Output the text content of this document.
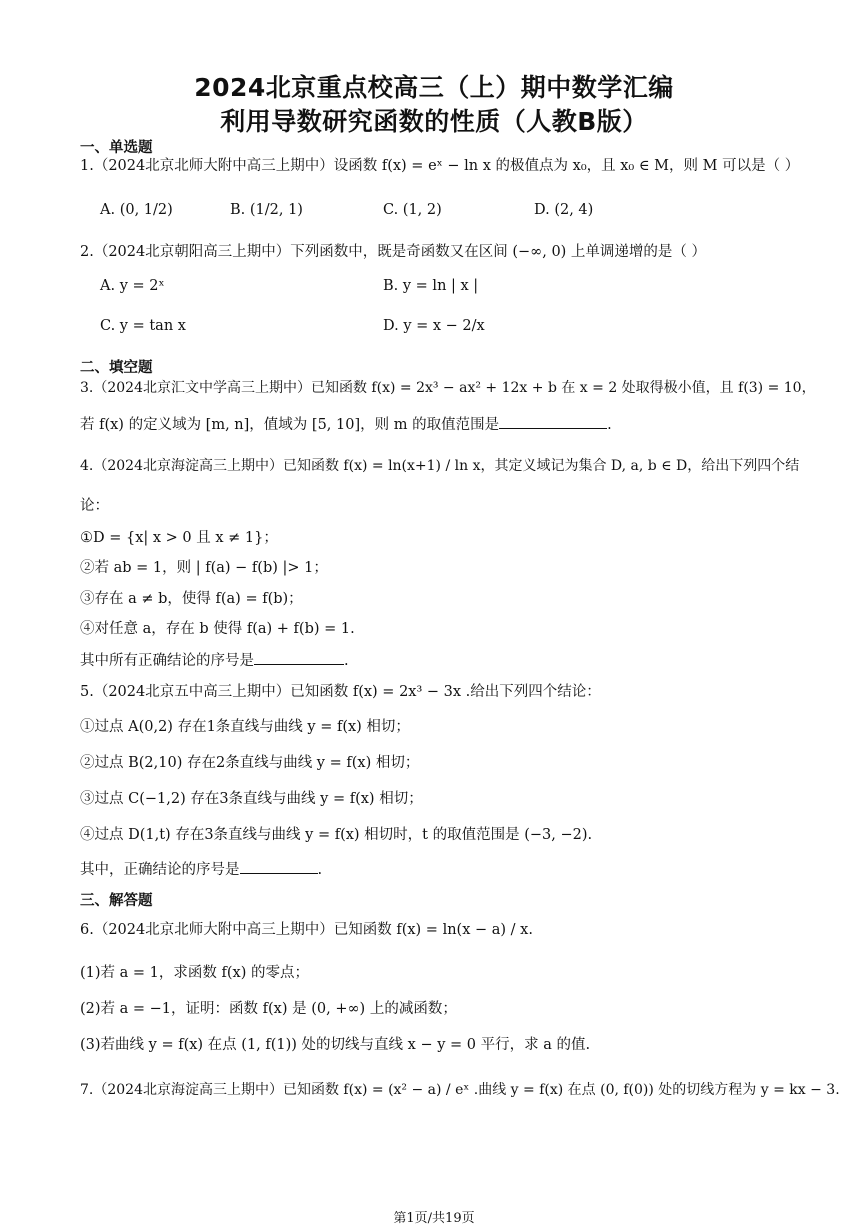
2024北京重点校高三（上）期中数学汇编
利用导数研究函数的性质（人教B版）
一、单选题
1.（2024北京北师大附中高三上期中）设函数 f(x) = eˣ − ln x 的极值点为 x₀，且 x₀ ∈ M，则 M 可以是（ ）
A. (0, 1/2)	B. (1/2, 1)	C. (1, 2)	D. (2, 4)
2.（2024北京朝阳高三上期中）下列函数中，既是奇函数又在区间 (−∞, 0) 上单调递增的是（ ）
A. y = 2ˣ	B. y = ln | x |
C. y = tan x	D. y = x − 2/x
二、填空题
3.（2024北京汇文中学高三上期中）已知函数 f(x) = 2x³ − ax² + 12x + b 在 x = 2 处取得极小值，且 f(3) = 10，
若 f(x) 的定义域为 [m, n]，值域为 [5, 10]，则 m 的取值范围是	.
4.（2024北京海淀高三上期中）已知函数 f(x) = ln(x+1) / ln x，其定义域记为集合 D, a, b ∈ D，给出下列四个结
论：
①D = {x| x > 0 且 x ≠ 1}；
②若 ab = 1，则 | f(a) − f(b) |> 1；
③存在 a ≠ b，使得 f(a) = f(b)；
④对任意 a，存在 b 使得 f(a) + f(b) = 1.
其中所有正确结论的序号是	.
5.（2024北京五中高三上期中）已知函数 f(x) = 2x³ − 3x .给出下列四个结论：
①过点 A(0,2) 存在1条直线与曲线 y = f(x) 相切；
②过点 B(2,10) 存在2条直线与曲线 y = f(x) 相切；
③过点 C(−1,2) 存在3条直线与曲线 y = f(x) 相切；
④过点 D(1,t) 存在3条直线与曲线 y = f(x) 相切时，t 的取值范围是 (−3, −2).
其中，正确结论的序号是	.
三、解答题
6.（2024北京北师大附中高三上期中）已知函数 f(x) = ln(x − a) / x.
(1)若 a = 1，求函数 f(x) 的零点；
(2)若 a = −1，证明：函数 f(x) 是 (0, +∞) 上的减函数；
(3)若曲线 y = f(x) 在点 (1, f(1)) 处的切线与直线 x − y = 0 平行，求 a 的值.
7.（2024北京海淀高三上期中）已知函数 f(x) = (x² − a) / eˣ .曲线 y = f(x) 在点 (0, f(0)) 处的切线方程为 y = kx − 3.
第1页/共19页
